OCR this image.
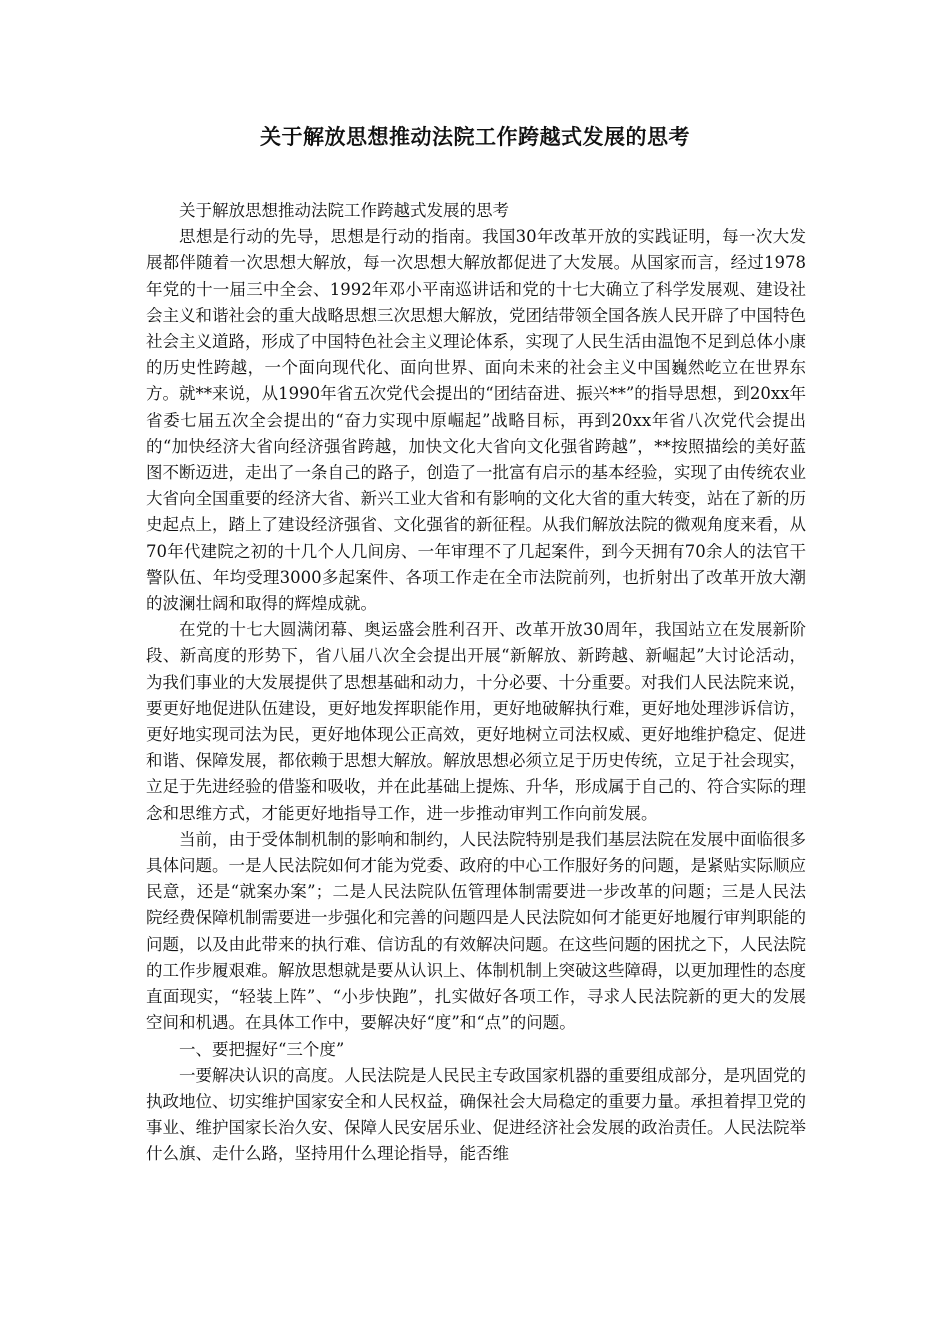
关于解放思想推动法院工作跨越式发展的思考

关于解放思想推动法院工作跨越式发展的思考

思想是行动的先导，思想是行动的指南。我国30年改革开放的实践证明，每一次大发展都伴随着一次思想大解放，每一次思想大解放都促进了大发展。从国家而言，经过1978年党的十一届三中全会、1992年邓小平南巡讲话和党的十七大确立了科学发展观、建设社会主义和谐社会的重大战略思想三次思想大解放，党团结带领全国各族人民开辟了中国特色社会主义道路，形成了中国特色社会主义理论体系，实现了人民生活由温饱不足到总体小康的历史性跨越，一个面向现代化、面向世界、面向未来的社会主义中国巍然屹立在世界东方。就**来说，从1990年省五次党代会提出的“团结奋进、振兴**”的指导思想，到20xx年省委七届五次全会提出的“奋力实现中原崛起”战略目标，再到20xx年省八次党代会提出的“加快经济大省向经济强省跨越，加快文化大省向文化强省跨越”，**按照描绘的美好蓝图不断迈进，走出了一条自己的路子，创造了一批富有启示的基本经验，实现了由传统农业大省向全国重要的经济大省、新兴工业大省和有影响的文化大省的重大转变，站在了新的历史起点上，踏上了建设经济强省、文化强省的新征程。从我们解放法院的微观角度来看，从70年代建院之初的十几个人几间房、一年审理不了几起案件，到今天拥有70余人的法官干警队伍、年均受理3000多起案件、各项工作走在全市法院前列，也折射出了改革开放大潮的波澜壮阔和取得的辉煌成就。

在党的十七大圆满闭幕、奥运盛会胜利召开、改革开放30周年，我国站立在发展新阶段、新高度的形势下，省八届八次全会提出开展“新解放、新跨越、新崛起”大讨论活动，为我们事业的大发展提供了思想基础和动力，十分必要、十分重要。对我们人民法院来说，要更好地促进队伍建设，更好地发挥职能作用，更好地破解执行难，更好地处理涉诉信访，更好地实现司法为民，更好地体现公正高效，更好地树立司法权威、更好地维护稳定、促进和谐、保障发展，都依赖于思想大解放。解放思想必须立足于历史传统，立足于社会现实，立足于先进经验的借鉴和吸收，并在此基础上提炼、升华，形成属于自己的、符合实际的理念和思维方式，才能更好地指导工作，进一步推动审判工作向前发展。

当前，由于受体制机制的影响和制约，人民法院特别是我们基层法院在发展中面临很多具体问题。一是人民法院如何才能为党委、政府的中心工作服好务的问题，是紧贴实际顺应民意，还是“就案办案”；二是人民法院队伍管理体制需要进一步改革的问题；三是人民法院经费保障机制需要进一步强化和完善的问题四是人民法院如何才能更好地履行审判职能的问题，以及由此带来的执行难、信访乱的有效解决问题。在这些问题的困扰之下，人民法院的工作步履艰难。解放思想就是要从认识上、体制机制上突破这些障碍，以更加理性的态度直面现实，“轻装上阵”、“小步快跑”，扎实做好各项工作，寻求人民法院新的更大的发展空间和机遇。在具体工作中，要解决好“度”和“点”的问题。

一、要把握好“三个度”

一要解决认识的高度。人民法院是人民民主专政国家机器的重要组成部分，是巩固党的执政地位、切实维护国家安全和人民权益，确保社会大局稳定的重要力量。承担着捍卫党的事业、维护国家长治久安、保障人民安居乐业、促进经济社会发展的政治责任。人民法院举什么旗、走什么路，坚持用什么理论指导，能否维
